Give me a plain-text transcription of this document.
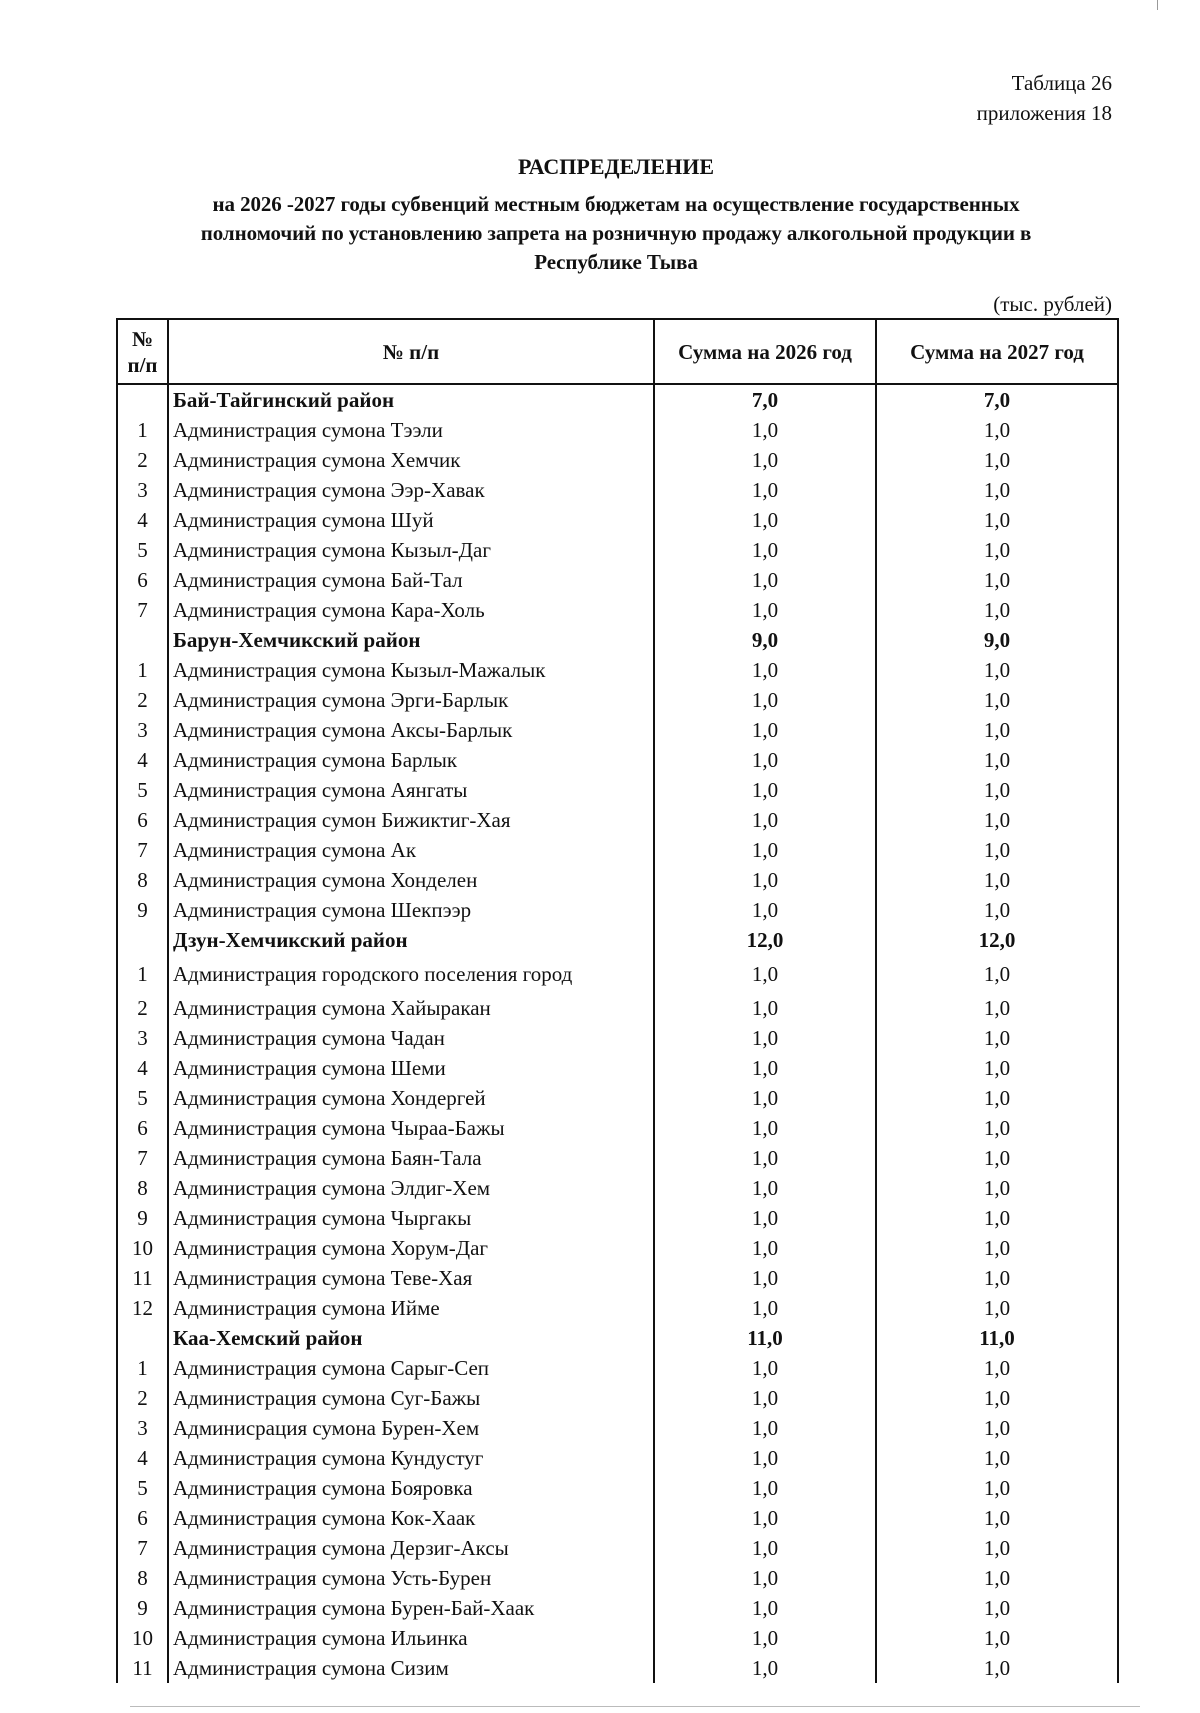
Таблица 26
приложения 18
РАСПРЕДЕЛЕНИЕ
на 2026 -2027 годы субвенций местным бюджетам на осуществление государственных
полномочий по установлению запрета на розничную продажу алкогольной продукции в
Республике Тыва
(тыс. рублей)
№
п/п	№ п/п	Сумма на 2026 год	Сумма на 2027 год
	Бай-Тайгинский район	7,0	7,0
1	Администрация сумона Тээли	1,0	1,0
2	Администрация сумона Хемчик	1,0	1,0
3	Администрация сумона Ээр-Хавак	1,0	1,0
4	Администрация сумона Шуй	1,0	1,0
5	Администрация сумона Кызыл-Даг	1,0	1,0
6	Администрация сумона Бай-Тал	1,0	1,0
7	Администрация сумона Кара-Холь	1,0	1,0
	Барун-Хемчикский район	9,0	9,0
1	Администрация сумона Кызыл-Мажалык	1,0	1,0
2	Администрация сумона Эрги-Барлык	1,0	1,0
3	Администрация сумона Аксы-Барлык	1,0	1,0
4	Администрация сумона Барлык	1,0	1,0
5	Администрация сумона Аянгаты	1,0	1,0
6	Администрация сумон Бижиктиг-Хая	1,0	1,0
7	Администрация сумона Ак	1,0	1,0
8	Администрация сумона Хонделен	1,0	1,0
9	Администрация сумона Шекпээр	1,0	1,0
	Дзун-Хемчикский район	12,0	12,0
1	Администрация городского поселения город	1,0	1,0
2	Администрация сумона Хайыракан	1,0	1,0
3	Администрация сумона Чадан	1,0	1,0
4	Администрация сумона Шеми	1,0	1,0
5	Администрация сумона Хондергей	1,0	1,0
6	Администрация сумона Чыраа-Бажы	1,0	1,0
7	Администрация сумона Баян-Тала	1,0	1,0
8	Администрация сумона Элдиг-Хем	1,0	1,0
9	Администрация сумона Чыргакы	1,0	1,0
10	Администрация сумона Хорум-Даг	1,0	1,0
11	Администрация сумона Теве-Хая	1,0	1,0
12	Администрация сумона Ийме	1,0	1,0
	Каа-Хемский район	11,0	11,0
1	Администрация сумона Сарыг-Сеп	1,0	1,0
2	Администрация сумона Суг-Бажы	1,0	1,0
3	Админисрация сумона Бурен-Хем	1,0	1,0
4	Администрация сумона Кундустуг	1,0	1,0
5	Администрация сумона Бояровка	1,0	1,0
6	Администрация сумона Кок-Хаак	1,0	1,0
7	Администрация сумона Дерзиг-Аксы	1,0	1,0
8	Администрация сумона Усть-Бурен	1,0	1,0
9	Администрация сумона Бурен-Бай-Хаак	1,0	1,0
10	Администрация сумона Ильинка	1,0	1,0
11	Администрация сумона Сизим	1,0	1,0
